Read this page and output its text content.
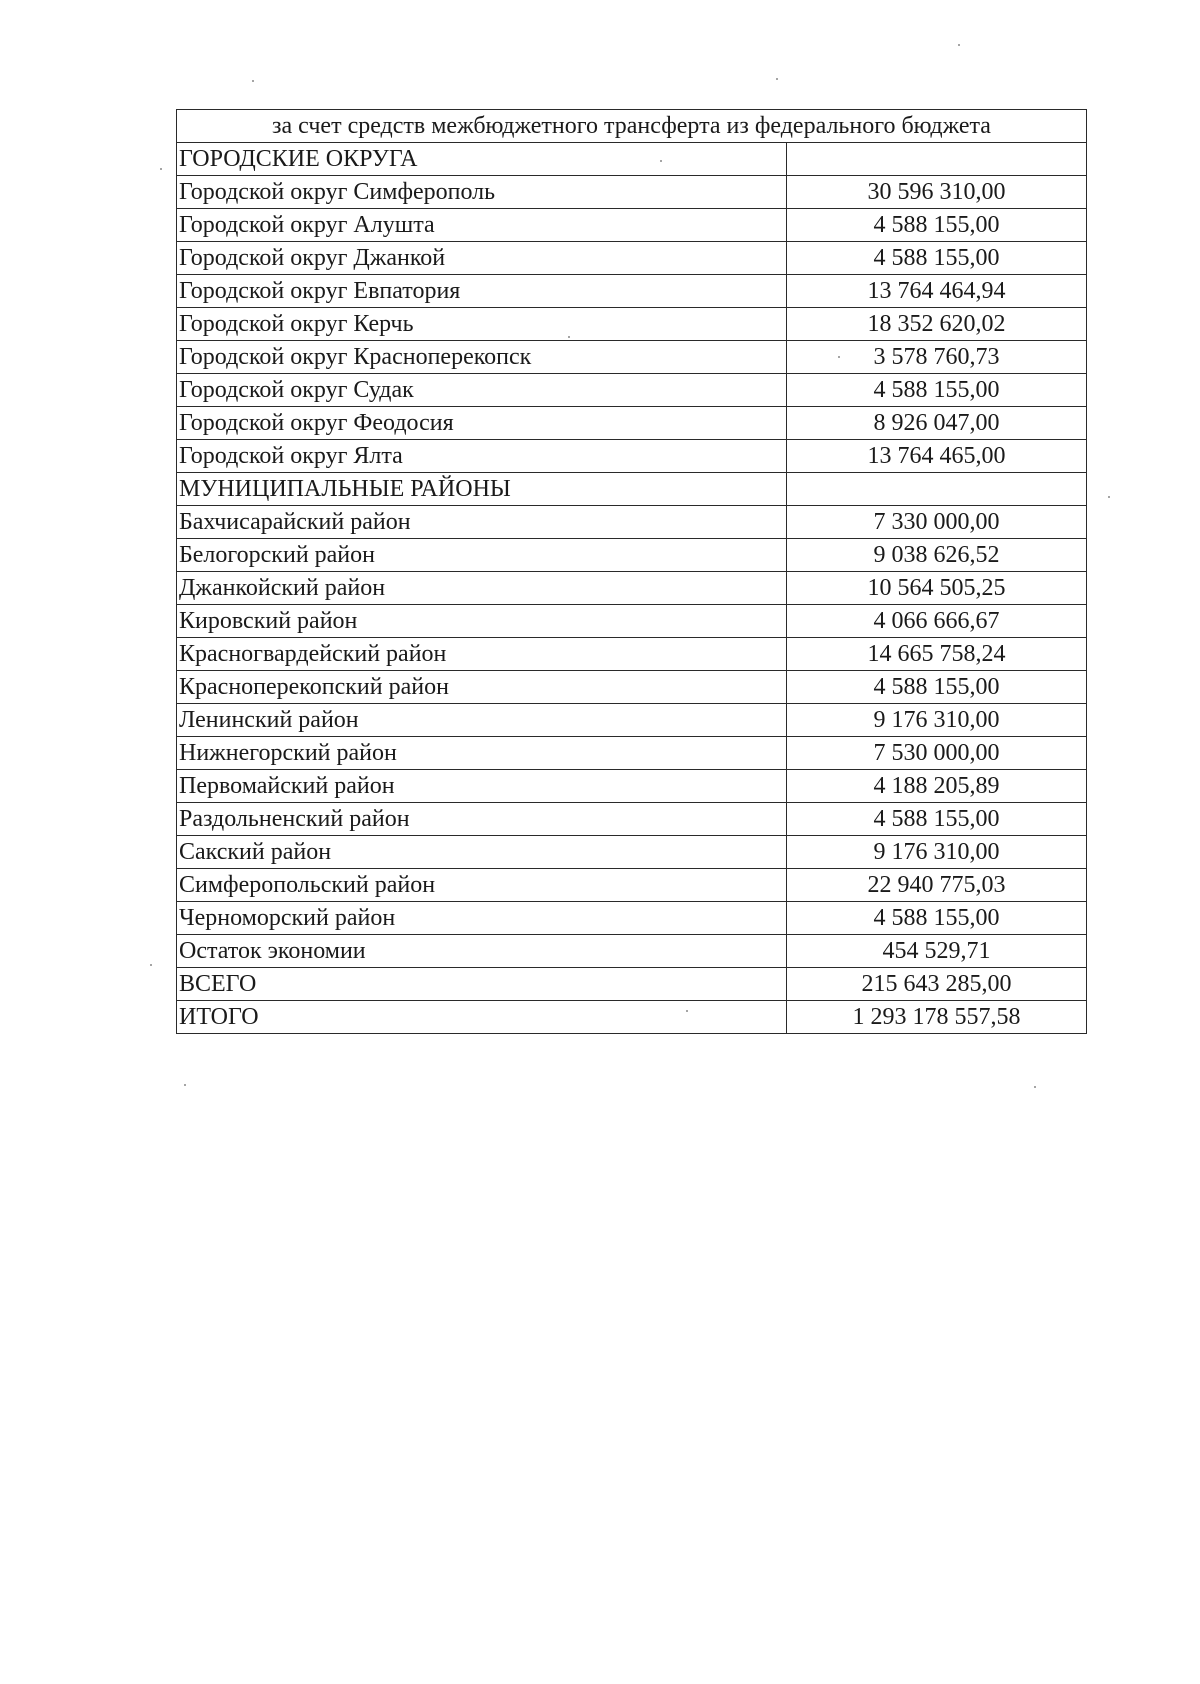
за счет средств межбюджетного трансферта из федерального бюджета	
ГОРОДСКИЕ ОКРУГА	
Городской округ Симферополь	30 596 310,00
Городской округ Алушта	4 588 155,00
Городской округ Джанкой	4 588 155,00
Городской округ Евпатория	13 764 464,94
Городской округ Керчь	18 352 620,02
Городской округ Красноперекопск	3 578 760,73
Городской округ Судак	4 588 155,00
Городской округ Феодосия	8 926 047,00
Городской округ Ялта	13 764 465,00
МУНИЦИПАЛЬНЫЕ РАЙОНЫ	
Бахчисарайский район	7 330 000,00
Белогорский район	9 038 626,52
Джанкойский район	10 564 505,25
Кировский район	4 066 666,67
Красногвардейский район	14 665 758,24
Красноперекопский район	4 588 155,00
Ленинский район	9 176 310,00
Нижнегорский район	7 530 000,00
Первомайский район	4 188 205,89
Раздольненский район	4 588 155,00
Сакский район	9 176 310,00
Симферопольский район	22 940 775,03
Черноморский район	4 588 155,00
Остаток экономии	454 529,71
ВСЕГО	215 643 285,00
ИТОГО	1 293 178 557,58
